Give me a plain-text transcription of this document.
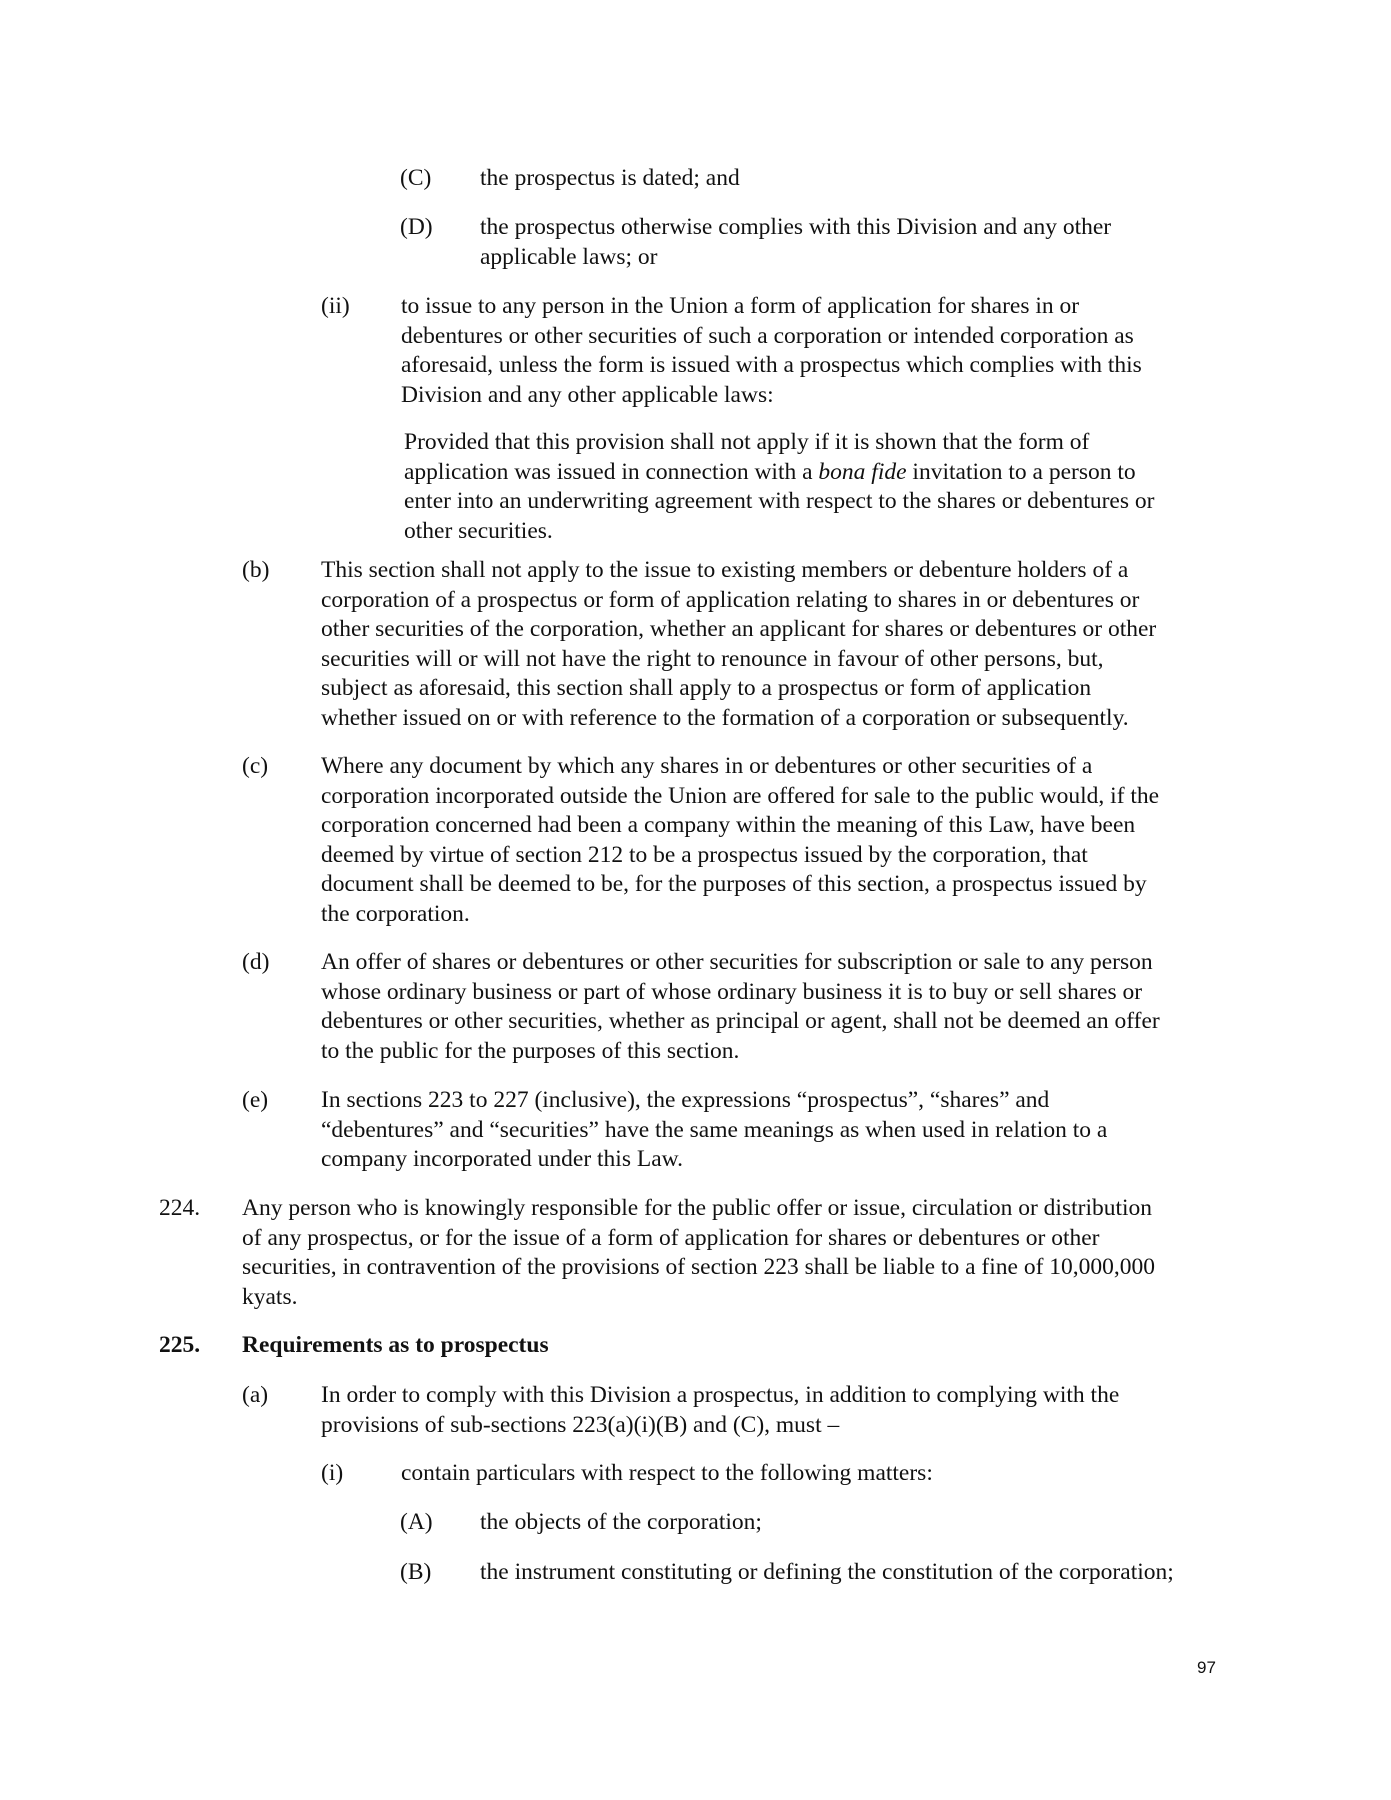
(C) the prospectus is dated; and
(D) the prospectus otherwise complies with this Division and any other
applicable laws; or
(ii) to issue to any person in the Union a form of application for shares in or
debentures or other securities of such a corporation or intended corporation as
aforesaid, unless the form is issued with a prospectus which complies with this
Division and any other applicable laws:
Provided that this provision shall not apply if it is shown that the form of
application was issued in connection with a bona fide invitation to a person to
enter into an underwriting agreement with respect to the shares or debentures or
other securities.
(b) This section shall not apply to the issue to existing members or debenture holders of a
corporation of a prospectus or form of application relating to shares in or debentures or
other securities of the corporation, whether an applicant for shares or debentures or other
securities will or will not have the right to renounce in favour of other persons, but,
subject as aforesaid, this section shall apply to a prospectus or form of application
whether issued on or with reference to the formation of a corporation or subsequently.
(c) Where any document by which any shares in or debentures or other securities of a
corporation incorporated outside the Union are offered for sale to the public would, if the
corporation concerned had been a company within the meaning of this Law, have been
deemed by virtue of section 212 to be a prospectus issued by the corporation, that
document shall be deemed to be, for the purposes of this section, a prospectus issued by
the corporation.
(d) An offer of shares or debentures or other securities for subscription or sale to any person
whose ordinary business or part of whose ordinary business it is to buy or sell shares or
debentures or other securities, whether as principal or agent, shall not be deemed an offer
to the public for the purposes of this section.
(e) In sections 223 to 227 (inclusive), the expressions “prospectus”, “shares” and
“debentures” and “securities” have the same meanings as when used in relation to a
company incorporated under this Law.
224. Any person who is knowingly responsible for the public offer or issue, circulation or distribution
of any prospectus, or for the issue of a form of application for shares or debentures or other
securities, in contravention of the provisions of section 223 shall be liable to a fine of 10,000,000
kyats.
225. Requirements as to prospectus
(a) In order to comply with this Division a prospectus, in addition to complying with the
provisions of sub-sections 223(a)(i)(B) and (C), must –
(i) contain particulars with respect to the following matters:
(A) the objects of the corporation;
(B) the instrument constituting or defining the constitution of the corporation;
97
